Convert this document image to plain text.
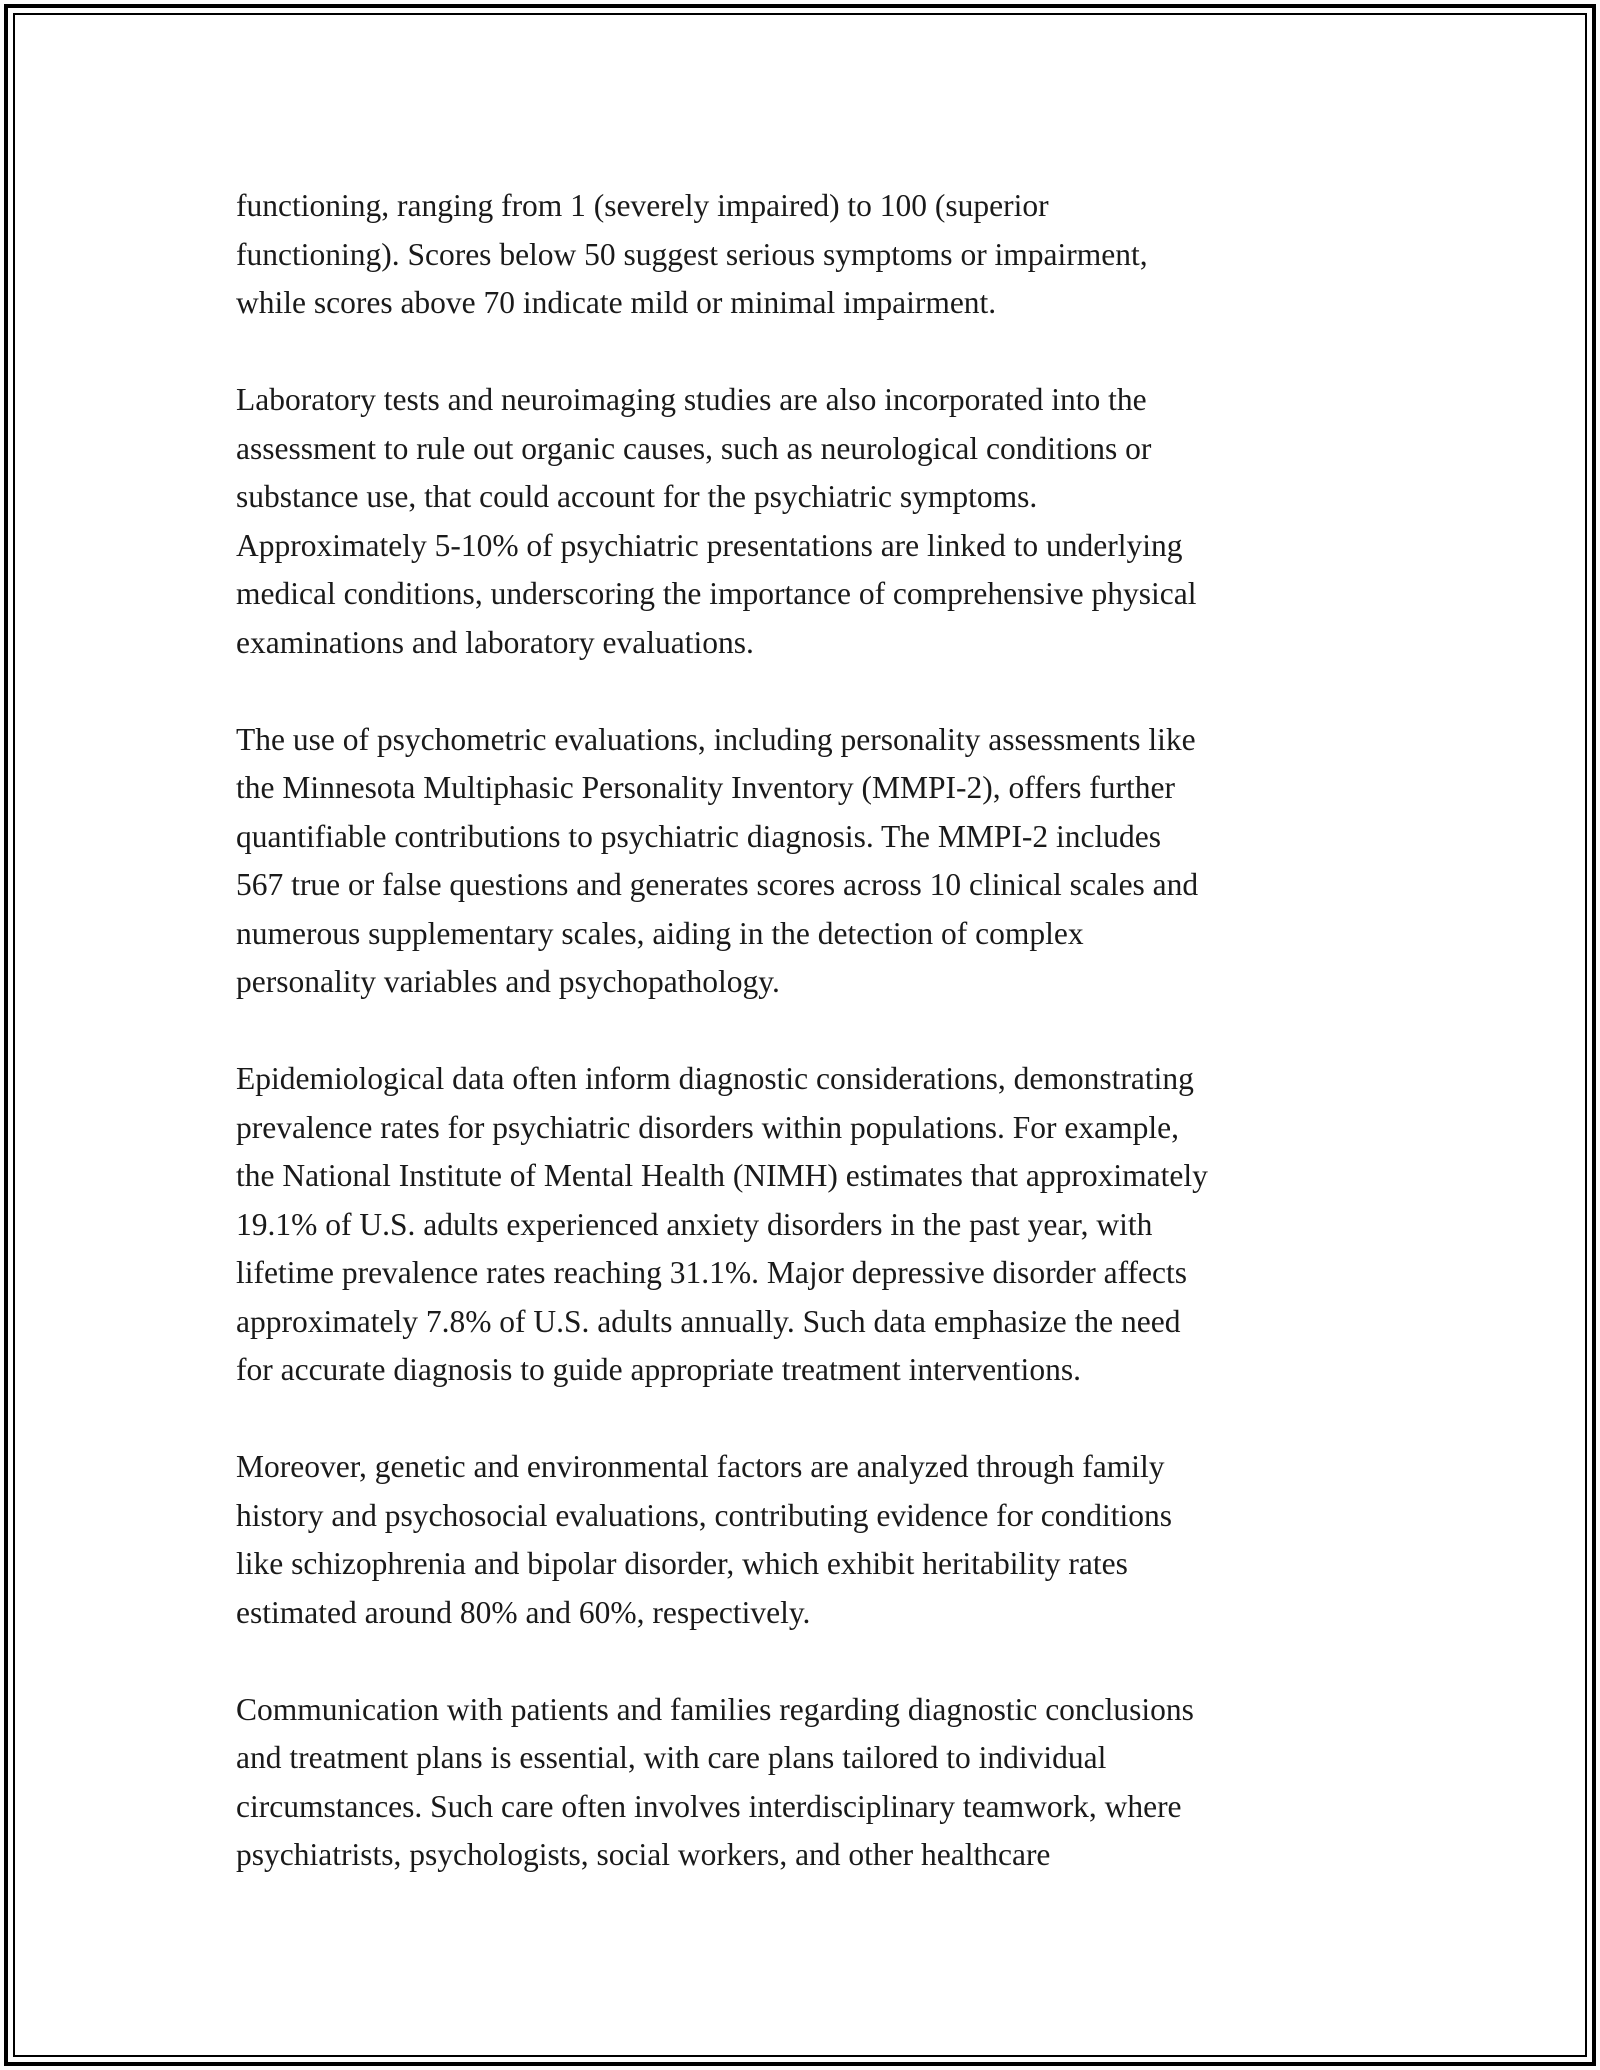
functioning, ranging from 1 (severely impaired) to 100 (superior
functioning). Scores below 50 suggest serious symptoms or impairment,
while scores above 70 indicate mild or minimal impairment.

Laboratory tests and neuroimaging studies are also incorporated into the
assessment to rule out organic causes, such as neurological conditions or
substance use, that could account for the psychiatric symptoms.
Approximately 5-10% of psychiatric presentations are linked to underlying
medical conditions, underscoring the importance of comprehensive physical
examinations and laboratory evaluations.

The use of psychometric evaluations, including personality assessments like
the Minnesota Multiphasic Personality Inventory (MMPI-2), offers further
quantifiable contributions to psychiatric diagnosis. The MMPI-2 includes
567 true or false questions and generates scores across 10 clinical scales and
numerous supplementary scales, aiding in the detection of complex
personality variables and psychopathology.

Epidemiological data often inform diagnostic considerations, demonstrating
prevalence rates for psychiatric disorders within populations. For example,
the National Institute of Mental Health (NIMH) estimates that approximately
19.1% of U.S. adults experienced anxiety disorders in the past year, with
lifetime prevalence rates reaching 31.1%. Major depressive disorder affects
approximately 7.8% of U.S. adults annually. Such data emphasize the need
for accurate diagnosis to guide appropriate treatment interventions.

Moreover, genetic and environmental factors are analyzed through family
history and psychosocial evaluations, contributing evidence for conditions
like schizophrenia and bipolar disorder, which exhibit heritability rates
estimated around 80% and 60%, respectively.

Communication with patients and families regarding diagnostic conclusions
and treatment plans is essential, with care plans tailored to individual
circumstances. Such care often involves interdisciplinary teamwork, where
psychiatrists, psychologists, social workers, and other healthcare
